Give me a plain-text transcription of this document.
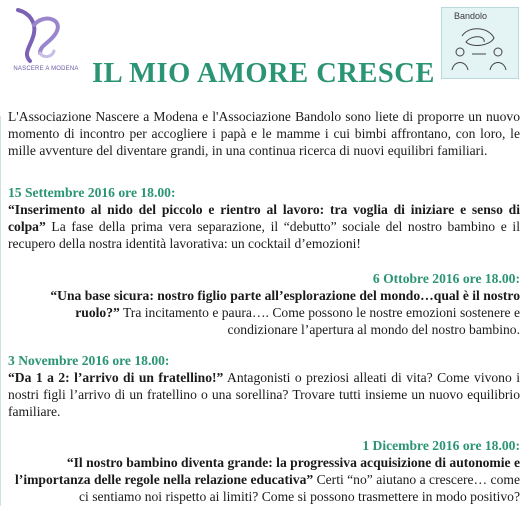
NASCERE A MODENA IL MIO AMORE CRESCE
Bandolo

L'Associazione Nascere a Modena e l'Associazione Bandolo sono liete di proporre un nuovo momento di incontro per accogliere i papà e le mamme i cui bimbi affrontano, con loro, le mille avventure del diventare grandi, in una continua ricerca di nuovi equilibri familiari.

15 Settembre 2016 ore 18.00:
“Inserimento al nido del piccolo e rientro al lavoro: tra voglia di iniziare e senso di colpa” La fase della prima vera separazione, il “debutto” sociale del nostro bambino e il recupero della nostra identità lavorativa: un cocktail d’emozioni!

6 Ottobre 2016 ore 18.00:
“Una base sicura: nostro figlio parte all’esplorazione del mondo…qual è il nostro ruolo?” Tra incitamento e paura…. Come possono le nostre emozioni sostenere e condizionare l’apertura al mondo del nostro bambino.

3 Novembre 2016 ore 18.00:
“Da 1 a 2: l’arrivo di un fratellino!” Antagonisti o preziosi alleati di vita? Come vivono i nostri figli l’arrivo di un fratellino o una sorellina? Trovare tutti insieme un nuovo equilibrio familiare.

1 Dicembre 2016 ore 18.00:
“Il nostro bambino diventa grande: la progressiva acquisizione di autonomie e l’importanza delle regole nella relazione educativa” Certi “no” aiutano a crescere… come ci sentiamo noi rispetto ai limiti? Come si possono trasmettere in modo positivo?
